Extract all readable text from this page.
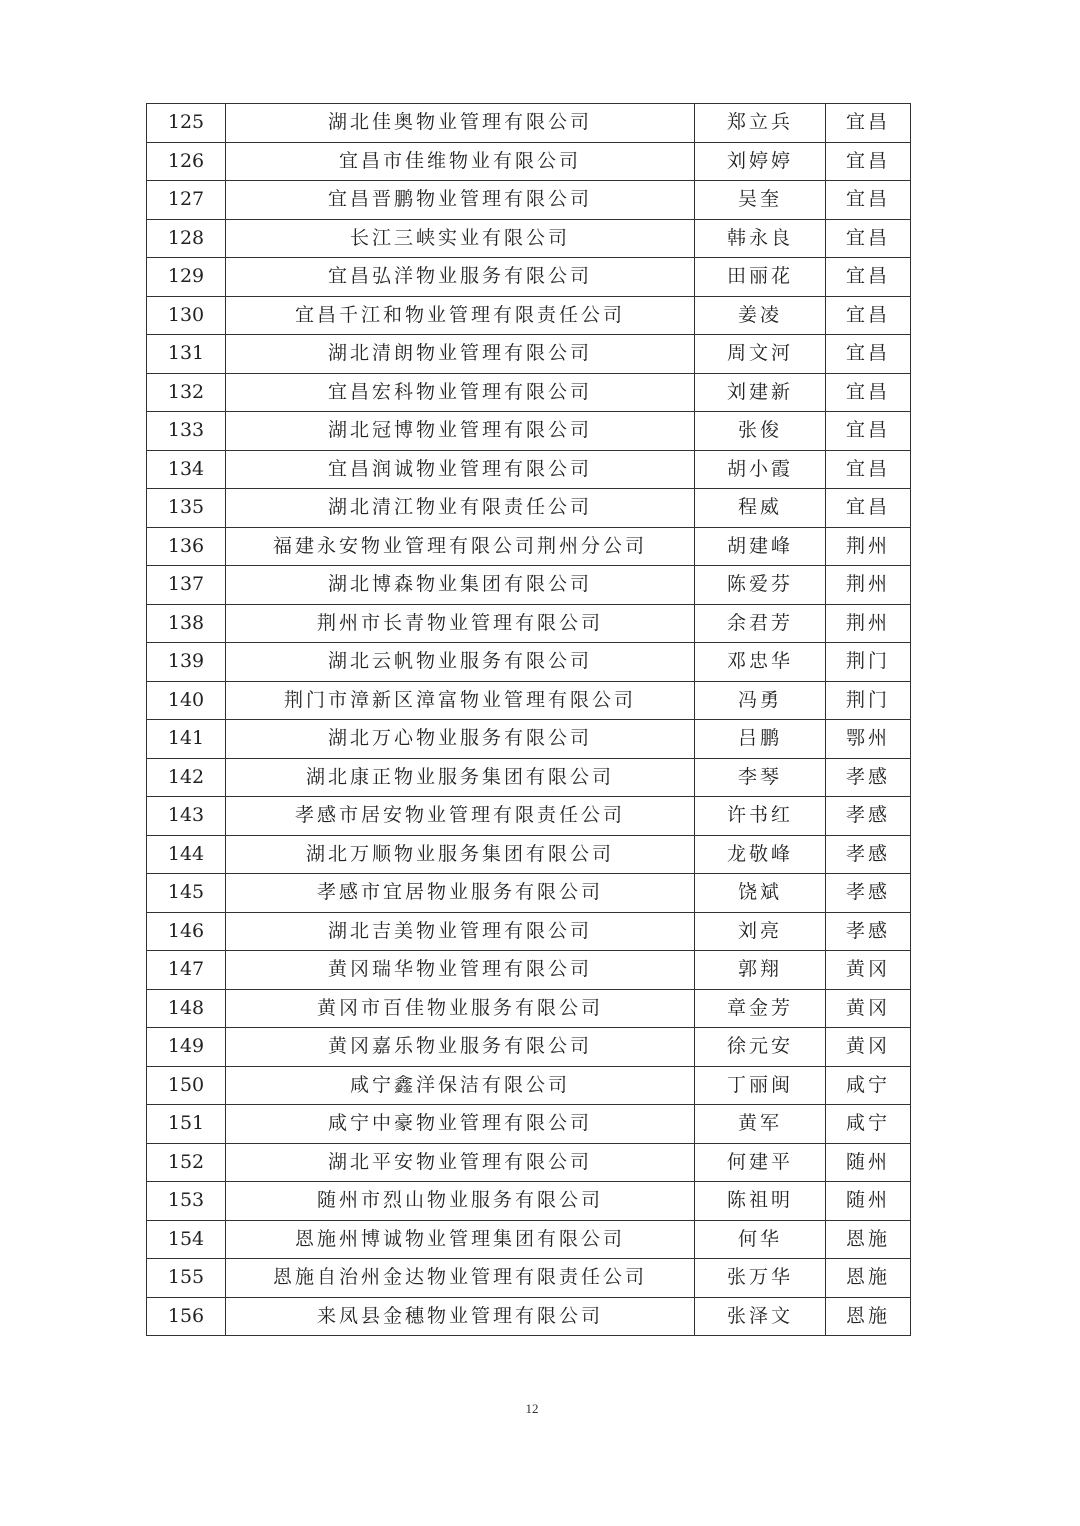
125	湖北佳奥物业管理有限公司	郑立兵	宜昌
126	宜昌市佳维物业有限公司	刘婷婷	宜昌
127	宜昌晋鹏物业管理有限公司	吴奎	宜昌
128	长江三峡实业有限公司	韩永良	宜昌
129	宜昌弘洋物业服务有限公司	田丽花	宜昌
130	宜昌千江和物业管理有限责任公司	姜凌	宜昌
131	湖北清朗物业管理有限公司	周文河	宜昌
132	宜昌宏科物业管理有限公司	刘建新	宜昌
133	湖北冠博物业管理有限公司	张俊	宜昌
134	宜昌润诚物业管理有限公司	胡小霞	宜昌
135	湖北清江物业有限责任公司	程威	宜昌
136	福建永安物业管理有限公司荆州分公司	胡建峰	荆州
137	湖北博森物业集团有限公司	陈爱芬	荆州
138	荆州市长青物业管理有限公司	余君芳	荆州
139	湖北云帆物业服务有限公司	邓忠华	荆门
140	荆门市漳新区漳富物业管理有限公司	冯勇	荆门
141	湖北万心物业服务有限公司	吕鹏	鄂州
142	湖北康正物业服务集团有限公司	李琴	孝感
143	孝感市居安物业管理有限责任公司	许书红	孝感
144	湖北万顺物业服务集团有限公司	龙敬峰	孝感
145	孝感市宜居物业服务有限公司	饶斌	孝感
146	湖北吉美物业管理有限公司	刘亮	孝感
147	黄冈瑞华物业管理有限公司	郭翔	黄冈
148	黄冈市百佳物业服务有限公司	章金芳	黄冈
149	黄冈嘉乐物业服务有限公司	徐元安	黄冈
150	咸宁鑫洋保洁有限公司	丁丽闽	咸宁
151	咸宁中豪物业管理有限公司	黄军	咸宁
152	湖北平安物业管理有限公司	何建平	随州
153	随州市烈山物业服务有限公司	陈祖明	随州
154	恩施州博诚物业管理集团有限公司	何华	恩施
155	恩施自治州金达物业管理有限责任公司	张万华	恩施
156	来凤县金穗物业管理有限公司	张泽文	恩施
12
